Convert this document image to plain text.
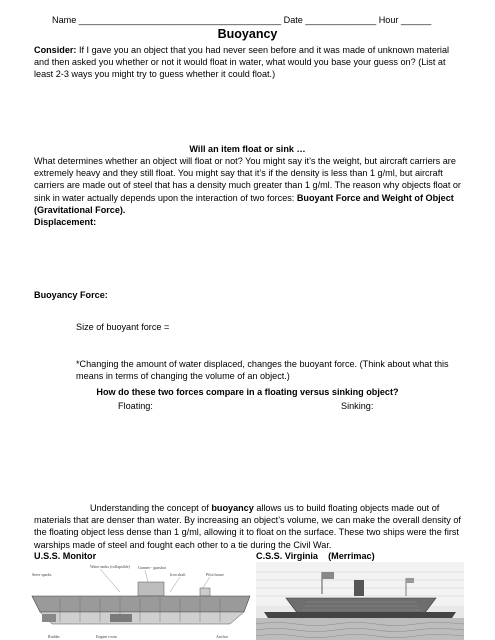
Name ________________________________________ Date ______________ Hour ______
Buoyancy

Consider: If I gave you an object that you had never seen before and it was made of unknown material and then asked you whether or not it would float in water, what would you base your guess on? (List at least 2-3 ways you might try to guess whether it could float.)

Will an item float or sink …

What determines whether an object will float or not? You might say it’s the weight, but aircraft carriers are extremely heavy and they still float. You might say that it’s if the density is less than 1 g/ml, but aircraft carriers are made out of steel that has a density much greater than 1 g/ml. The reason why objects float or sink in water actually depends upon the interaction of two forces: Buoyant Force and Weight of Object (Gravitational Force).

Displacement:
Buoyancy Force:
Size of buoyant force =

*Changing the amount of water displaced, changes the buoyant force. (Think about what this means in terms of changing the volume of an object.)

How do these two forces compare in a floating versus sinking object?
Floating:	Sinking:

Understanding the concept of buoyancy allows us to build floating objects made out of materials that are denser than water. By increasing an object’s volume, we can make the overall density of the floating object less dense than 1 g/ml, allowing it to float on the surface. These two ships were the first warships made of steel and fought each other to a tie during the Civil War.

U.S.S. Monitor	C.S.S. Virginia (Merrimac)
Water tanks (collapsible) Gunner - gunshot
Steer sparks	Iron shaft	Pilot house
Rudder	Engine room	Anchor
